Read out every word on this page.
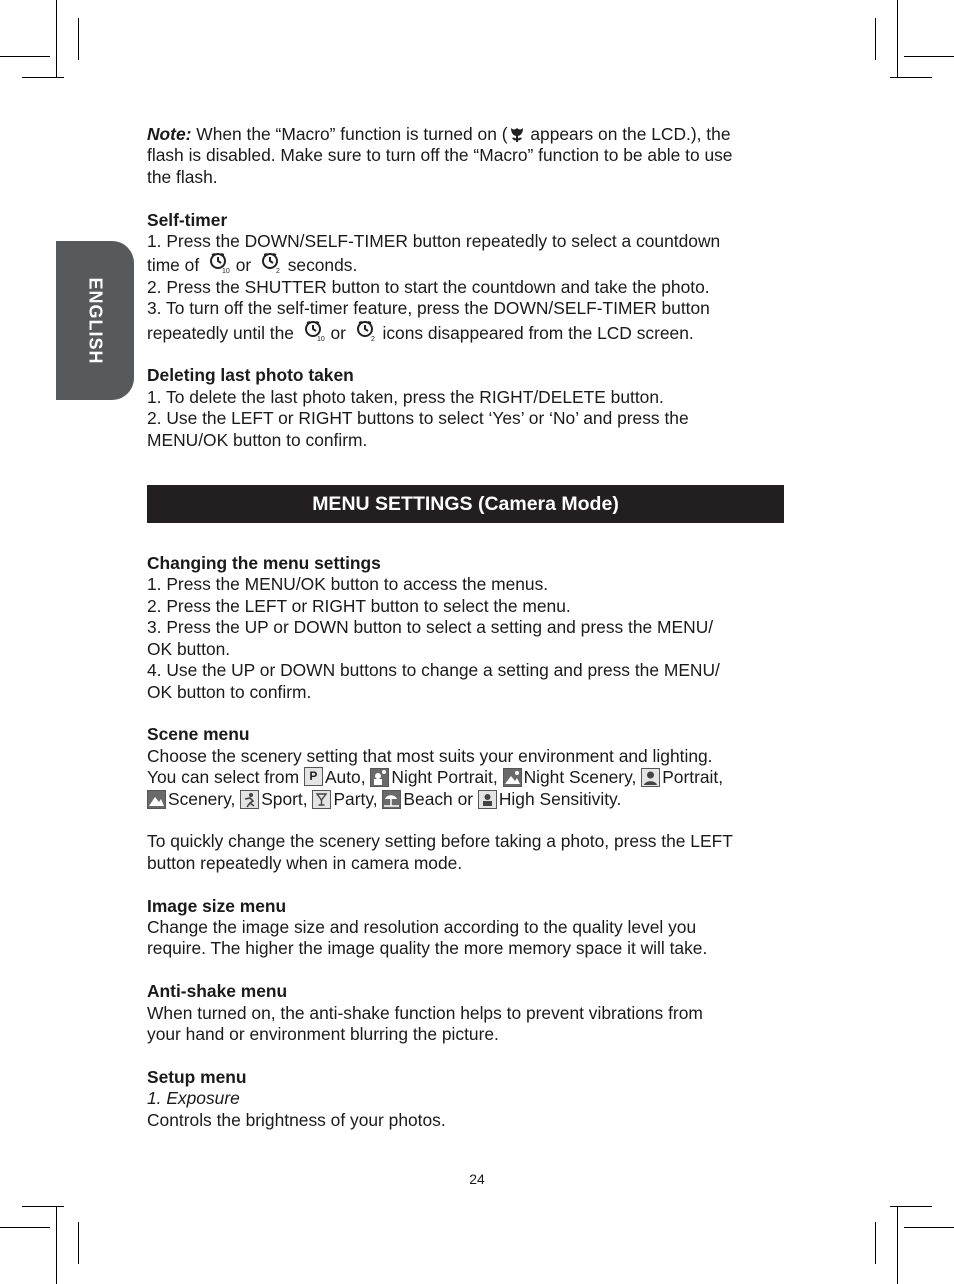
ENGLISH

Note: When the “Macro” function is turned on ( appears on the LCD.), the

flash is disabled. Make sure to turn off the “Macro” function to be able to use

the flash.

Self-timer

1. Press the DOWN/SELF-TIMER button repeatedly to select a countdown

time of	10 or	2 seconds.

2. Press the SHUTTER button to start the countdown and take the photo.

3. To turn off the self-timer feature, press the DOWN/SELF-TIMER button

repeatedly until the	10 or	2 icons disappeared from the LCD screen.

Deleting last photo taken

1. To delete the last photo taken, press the RIGHT/DELETE button.

2. Use the LEFT or RIGHT buttons to select ‘Yes’ or ‘No’ and press the

MENU/OK button to confirm.

MENU SETTINGS (Camera Mode)

Changing the menu settings

1. Press the MENU/OK button to access the menus.

2. Press the LEFT or RIGHT button to select the menu.

3. Press the UP or DOWN button to select a setting and press the MENU/

OK button.

4. Use the UP or DOWN buttons to change a setting and press the MENU/

OK button to confirm.

Scene menu

Choose the scenery setting that most suits your environment and lighting.

You can select from P Auto, Night Portrait, Night Scenery, Portrait,

Scenery, Sport, Party, Beach or High Sensitivity.

To quickly change the scenery setting before taking a photo, press the LEFT

button repeatedly when in camera mode.

Image size menu

Change the image size and resolution according to the quality level you

require. The higher the image quality the more memory space it will take.

Anti-shake menu

When turned on, the anti-shake function helps to prevent vibrations from

your hand or environment blurring the picture.

Setup menu

1. Exposure

Controls the brightness of your photos.

24
